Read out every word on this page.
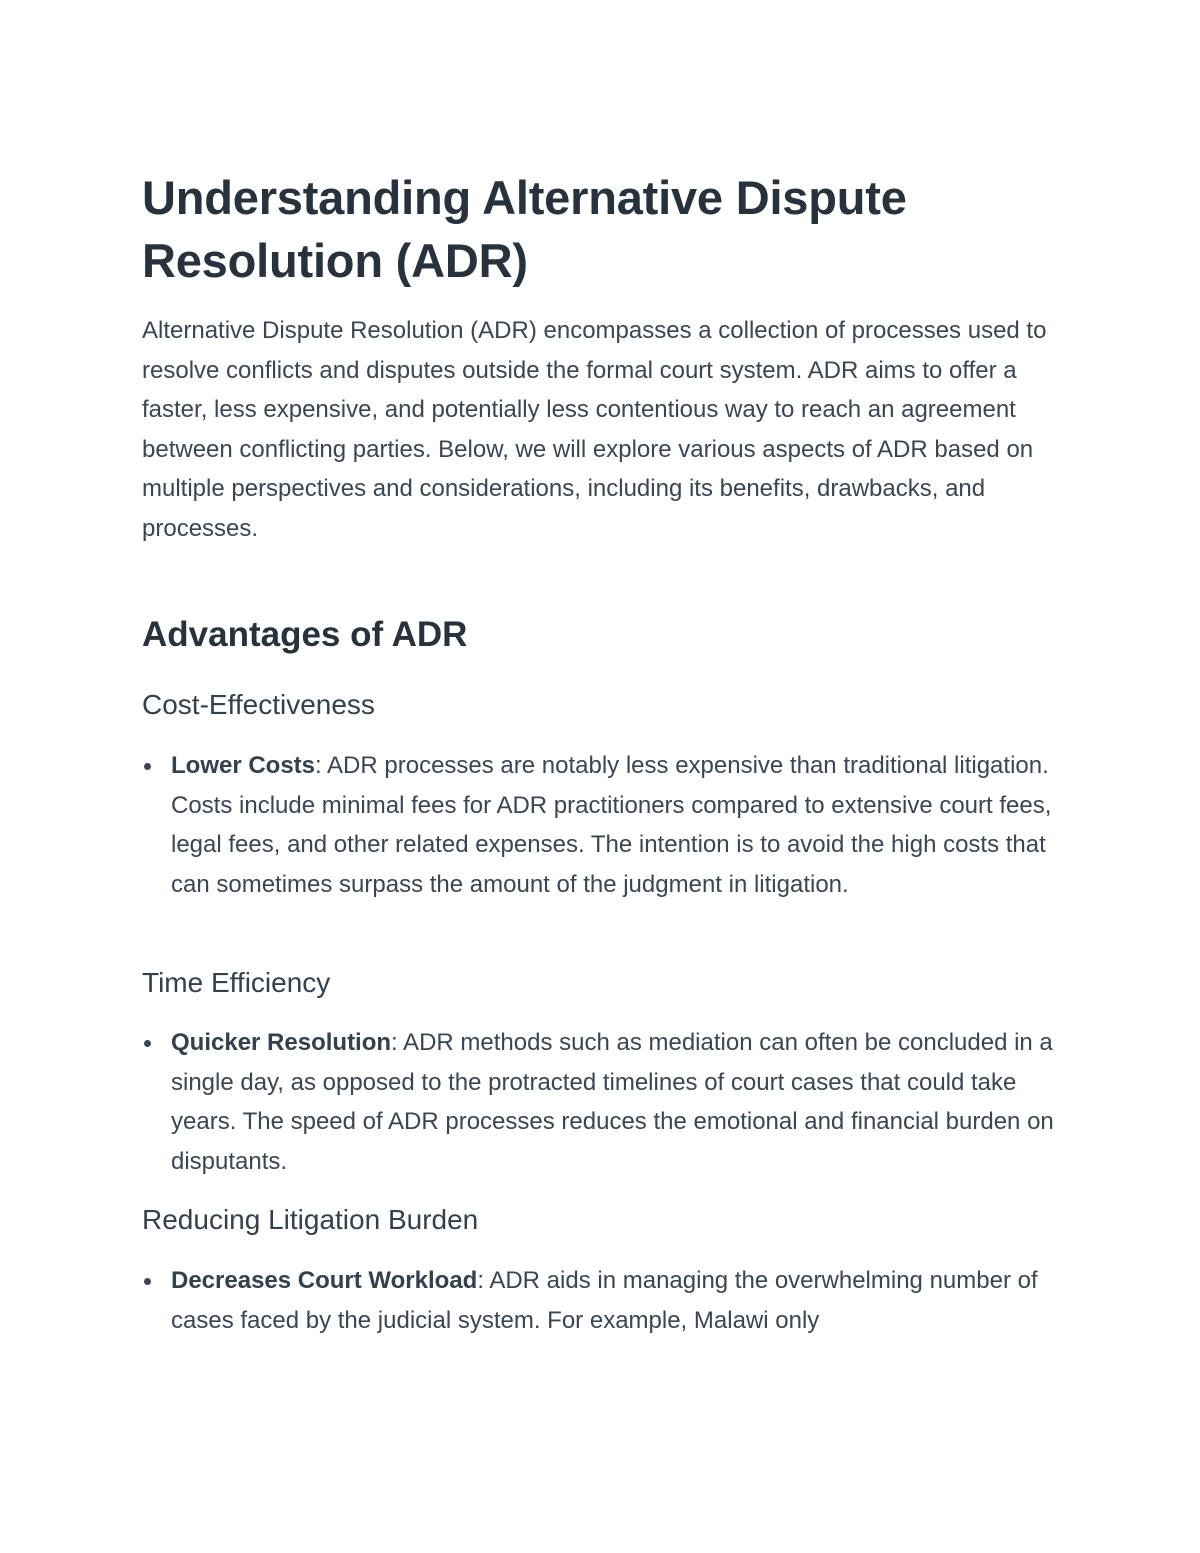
Understanding Alternative Dispute Resolution (ADR)

Alternative Dispute Resolution (ADR) encompasses a collection of processes used to resolve conflicts and disputes outside the formal court system. ADR aims to offer a faster, less expensive, and potentially less contentious way to reach an agreement between conflicting parties. Below, we will explore various aspects of ADR based on multiple perspectives and considerations, including its benefits, drawbacks, and processes.

Advantages of ADR
Cost-Effectiveness
Lower Costs: ADR processes are notably less expensive than traditional litigation. Costs include minimal fees for ADR practitioners compared to extensive court fees, legal fees, and other related expenses. The intention is to avoid the high costs that can sometimes surpass the amount of the judgment in litigation.
Time Efficiency
Quicker Resolution: ADR methods such as mediation can often be concluded in a single day, as opposed to the protracted timelines of court cases that could take years. The speed of ADR processes reduces the emotional and financial burden on disputants.
Reducing Litigation Burden
Decreases Court Workload: ADR aids in managing the overwhelming number of cases faced by the judicial system. For example, Malawi only
